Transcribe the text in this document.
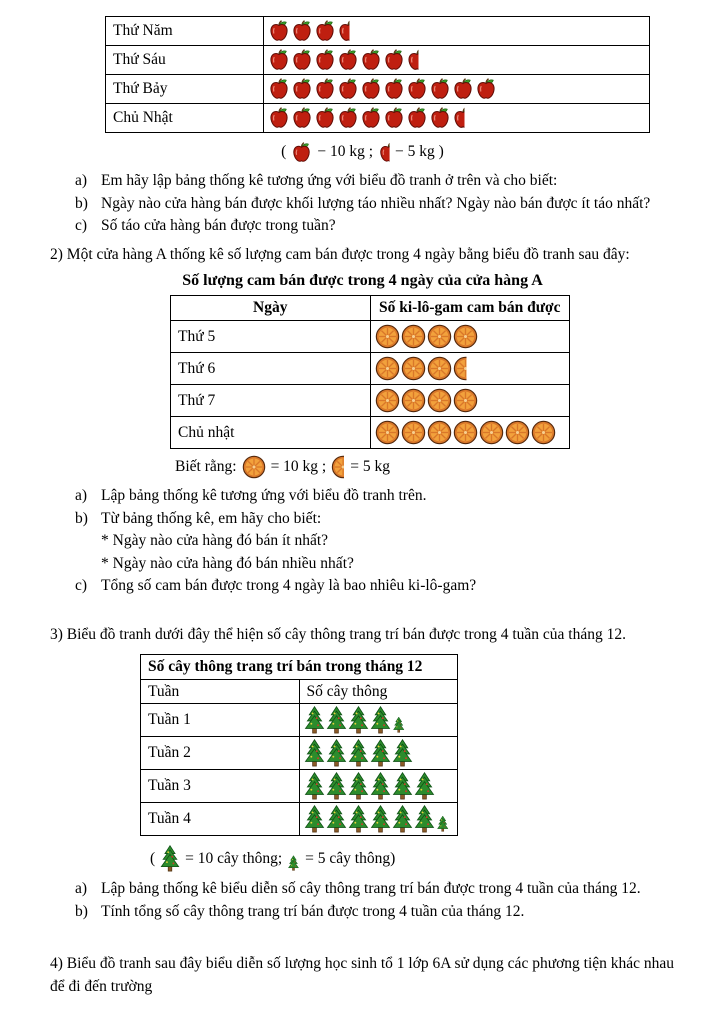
Thứ Năm	

Thứ Sáu	

Thứ Bảy	

Chủ Nhật	
( − 10 kg ; − 5 kg )
a) Em hãy lập bảng thống kê tương ứng với biểu đồ tranh ở trên và cho biết:
b) Ngày nào cửa hàng bán được khối lượng táo nhiều nhất? Ngày nào bán được ít táo nhất?
c) Số táo cửa hàng bán được trong tuần?
2) Một cửa hàng A thống kê số lượng cam bán được trong 4 ngày bằng biểu đồ tranh sau đây:
Số lượng cam bán được trong 4 ngày của cửa hàng A
Ngày	Số ki-lô-gam cam bán được
Thứ 5	

Thứ 6	

Thứ 7	

Chủ nhật	
Biết rằng: = 10 kg ; = 5 kg
a) Lập bảng thống kê tương ứng với biểu đồ tranh trên.
b) Từ bảng thống kê, em hãy cho biết:
* Ngày nào cửa hàng đó bán ít nhất?
* Ngày nào cửa hàng đó bán nhiều nhất?
c) Tổng số cam bán được trong 4 ngày là bao nhiêu ki-lô-gam?
3) Biểu đồ tranh dưới đây thể hiện số cây thông trang trí bán được trong 4 tuần của tháng 12.
Số cây thông trang trí bán trong tháng 12	
Tuần	Số cây thông
Tuần 1	

Tuần 2	

Tuần 3	

Tuần 4	
( = 10 cây thông; = 5 cây thông)
a) Lập bảng thống kê biểu diễn số cây thông trang trí bán được trong 4 tuần của tháng 12.
b) Tính tổng số cây thông trang trí bán được trong 4 tuần của tháng 12.
4) Biểu đồ tranh sau đây biểu diễn số lượng học sinh tổ 1 lớp 6A sử dụng các phương tiện khác nhau để đi đến trường
